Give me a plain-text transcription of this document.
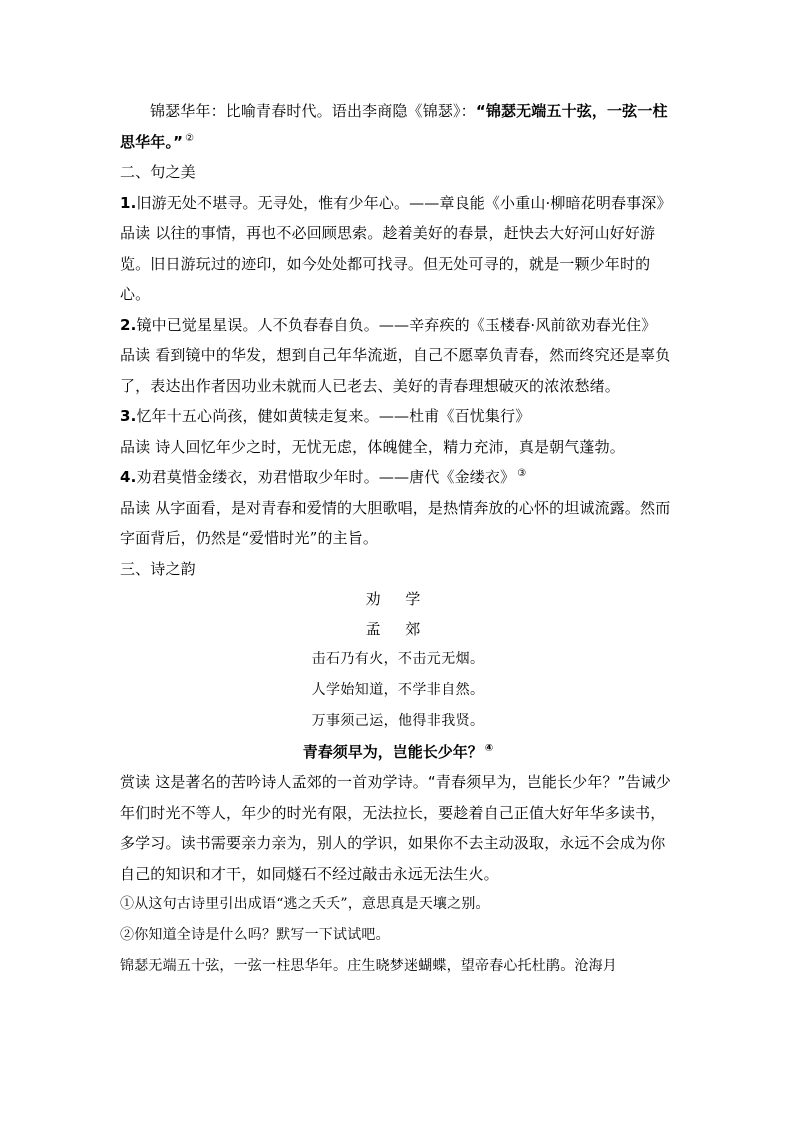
锦瑟华年：比喻青春时代。语出李商隐《锦瑟》：“锦瑟无端五十弦，一弦一柱思华年。” ②

二、句之美

1.旧游无处不堪寻。无寻处，惟有少年心。——章良能《小重山·柳暗花明春事深》

品读 以往的事情，再也不必回顾思索。趁着美好的春景，赶快去大好河山好好游览。旧日游玩过的迹印，如今处处都可找寻。但无处可寻的，就是一颗少年时的心。

2.镜中已觉星星误。人不负春春自负。——辛弃疾的《玉楼春·风前欲劝春光住》

品读 看到镜中的华发，想到自己年华流逝，自己不愿辜负青春，然而终究还是辜负了，表达出作者因功业未就而人已老去、美好的青春理想破灭的浓浓愁绪。

3.忆年十五心尚孩，健如黄犊走复来。——杜甫《百忧集行》

品读 诗人回忆年少之时，无忧无虑，体魄健全，精力充沛，真是朝气蓬勃。

4.劝君莫惜金缕衣，劝君惜取少年时。——唐代《金缕衣》 ③

品读 从字面看，是对青春和爱情的大胆歌唱，是热情奔放的心怀的坦诚流露。然而字面背后，仍然是“爱惜时光”的主旨。

三、诗之韵

劝 学
孟 郊
击石乃有火，不击元无烟。
人学始知道，不学非自然。
万事须己运，他得非我贤。
青春须早为，岂能长少年？ ④

赏读 这是著名的苦吟诗人孟郊的一首劝学诗。“青春须早为，岂能长少年？”告诫少年们时光不等人，年少的时光有限，无法拉长，要趁着自己正值大好年华多读书，多学习。读书需要亲力亲为，别人的学识，如果你不去主动汲取，永远不会成为你自己的知识和才干，如同燧石不经过敲击永远无法生火。

①从这句古诗里引出成语“逃之夭夭”，意思真是天壤之别。

②你知道全诗是什么吗？默写一下试试吧。

锦瑟无端五十弦，一弦一柱思华年。庄生晓梦迷蝴蝶，望帝春心托杜鹃。沧海月
